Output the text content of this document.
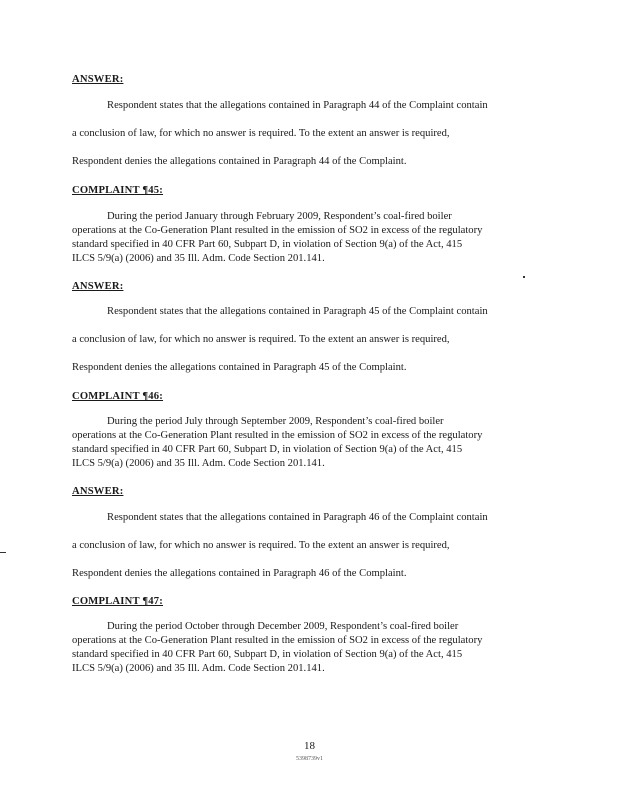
ANSWER:
Respondent states that the allegations contained in Paragraph 44 of the Complaint contain
a conclusion of law, for which no answer is required. To the extent an answer is required,
Respondent denies the allegations contained in Paragraph 44 of the Complaint.
COMPLAINT ¶45:
During the period January through February 2009, Respondent’s coal-fired boiler
operations at the Co-Generation Plant resulted in the emission of SO2 in excess of the regulatory
standard specified in 40 CFR Part 60, Subpart D, in violation of Section 9(a) of the Act, 415
ILCS 5/9(a) (2006) and 35 Ill. Adm. Code Section 201.141.
ANSWER:
Respondent states that the allegations contained in Paragraph 45 of the Complaint contain
a conclusion of law, for which no answer is required. To the extent an answer is required,
Respondent denies the allegations contained in Paragraph 45 of the Complaint.
COMPLAINT ¶46:
During the period July through September 2009, Respondent’s coal-fired boiler
operations at the Co-Generation Plant resulted in the emission of SO2 in excess of the regulatory
standard specified in 40 CFR Part 60, Subpart D, in violation of Section 9(a) of the Act, 415
ILCS 5/9(a) (2006) and 35 Ill. Adm. Code Section 201.141.
ANSWER:
Respondent states that the allegations contained in Paragraph 46 of the Complaint contain
a conclusion of law, for which no answer is required. To the extent an answer is required,
Respondent denies the allegations contained in Paragraph 46 of the Complaint.
COMPLAINT ¶47:
During the period October through December 2009, Respondent’s coal-fired boiler
operations at the Co-Generation Plant resulted in the emission of SO2 in excess of the regulatory
standard specified in 40 CFR Part 60, Subpart D, in violation of Section 9(a) of the Act, 415
ILCS 5/9(a) (2006) and 35 Ill. Adm. Code Section 201.141.
18
5398739v1
